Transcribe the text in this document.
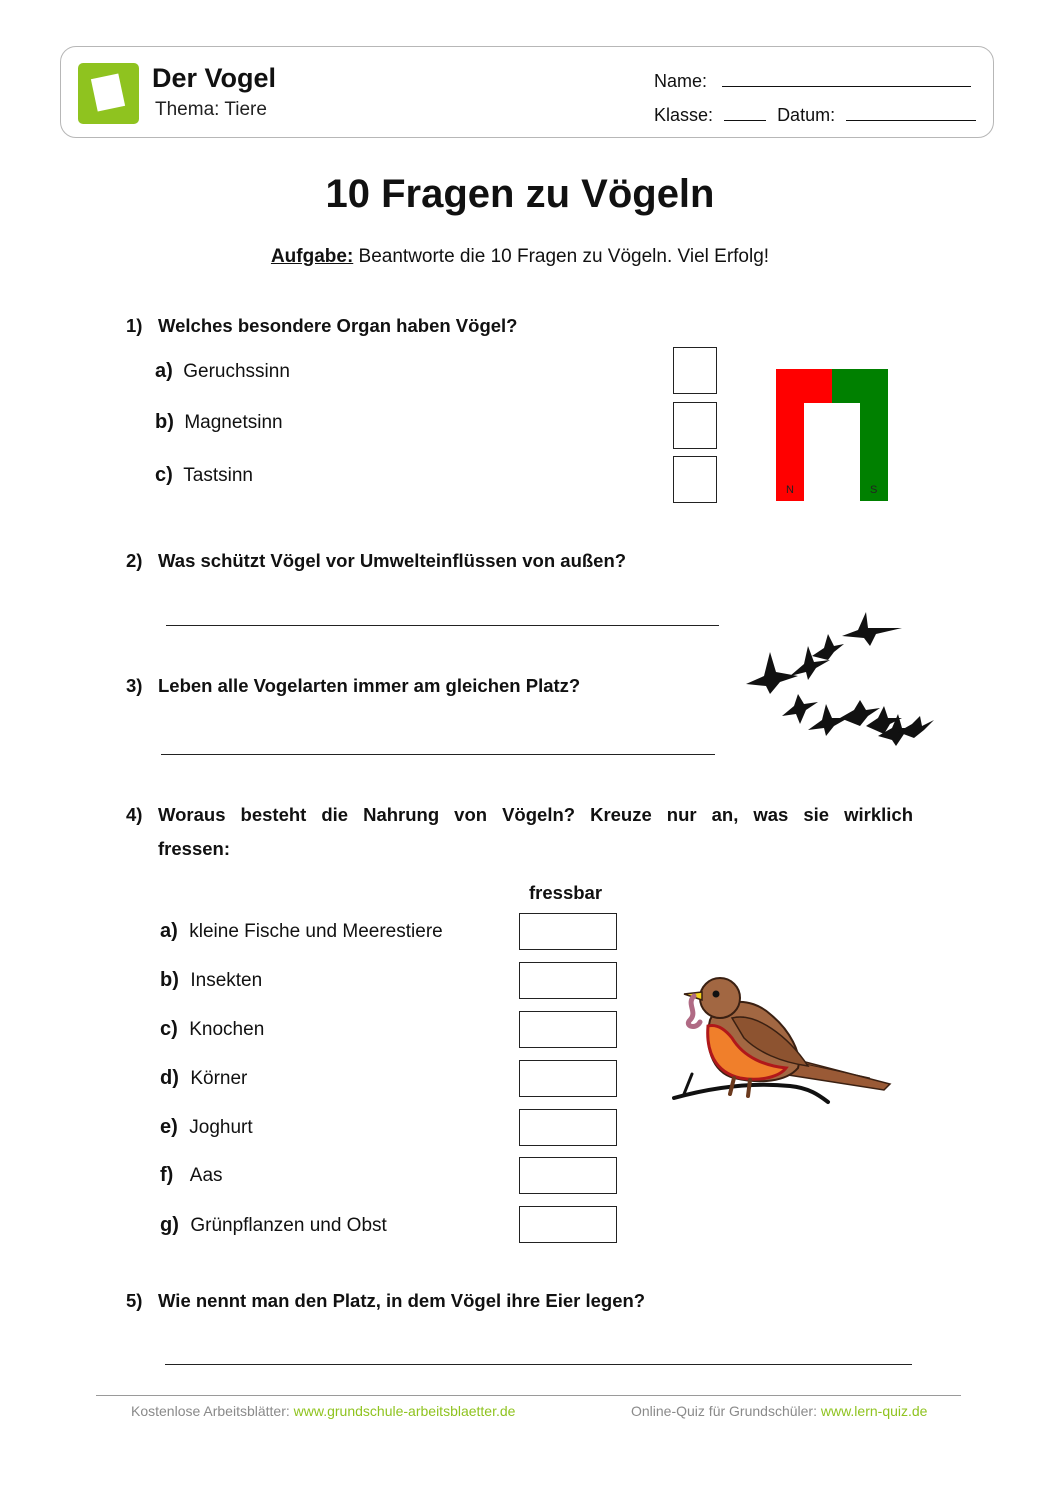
Der Vogel
Thema: Tiere
Name:
Klasse:	Datum:
10 Fragen zu Vögeln
Aufgabe: Beantworte die 10 Fragen zu Vögeln. Viel Erfolg!
1) Welches besondere Organ haben Vögel?
a) Geruchssinn
b) Magnetsinn
c) Tastsinn
N	S
2) Was schützt Vögel vor Umwelteinflüssen von außen?
3) Leben alle Vogelarten immer am gleichen Platz?
4) Woraus besteht die Nahrung von Vögeln? Kreuze nur an, was sie wirklich
fressen:
fressbar
a) kleine Fische und Meerestiere
b) Insekten
c) Knochen
d) Körner
e) Joghurt
f) Aas
g) Grünpflanzen und Obst
5) Wie nennt man den Platz, in dem Vögel ihre Eier legen?
Kostenlose Arbeitsblätter: www.grundschule-arbeitsblaetter.de	Online-Quiz für Grundschüler: www.lern-quiz.de
